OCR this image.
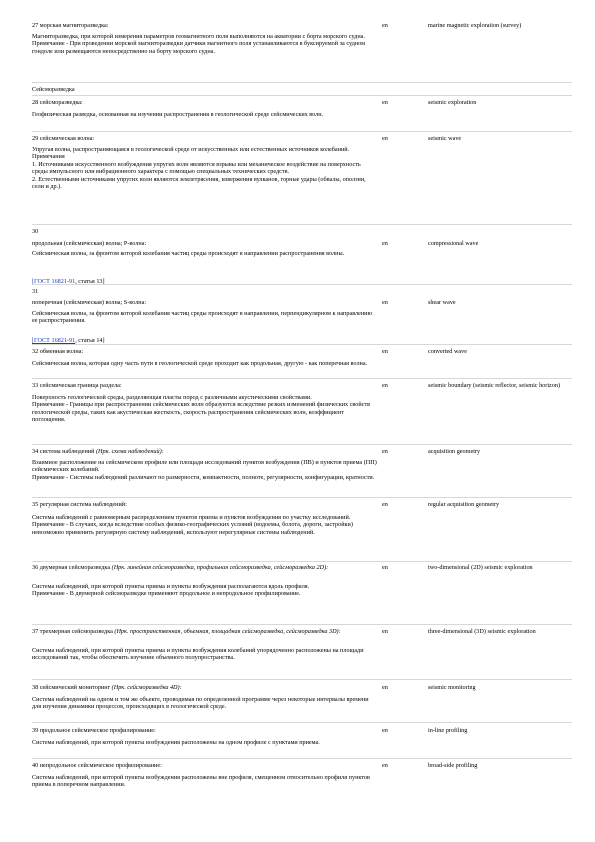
27 морская магниторазведка:	en	marine magnetic exploration (survey)
Магниторазведка, при которой измерения параметров геомагнитного поля выполняются на акватории с борта морского судна.
Примечание - При проведении морской магниторазведки датчики магнитного поля устанавливаются в буксируемой за судном гондоле или размещаются непосредственно на борту морского судна.
Сейсморазведка
28 сейсморазведка:	en	seismic exploration
Геофизическая разведка, основанная на изучении распространения в геологической среде сейсмических волн.
29 сейсмическая волна:	en	seismic wave
Упругая волна, распространяющаяся в геологической среде от искусственных или естественных источников колебаний.
Примечания
1. Источниками искусственного возбуждения упругих волн являются взрывы или механическое воздействие на поверхность среды импульсного или вибрационного характера с помощью специальных технических средств.
2. Естественными источниками упругих волн являются землетрясения, извержения вулканов, горные удары (обвалы, оползни, сели и др.).
30
продольная (сейсмическая) волна; P-волна:	en	compressional wave
Сейсмическая волна, за фронтом которой колебания частиц среды происходят в направлении распространения волны.
[ГОСТ 16821-91, статья 13]
31
поперечная (сейсмическая) волна; S-волна:	en	shear wave
Сейсмическая волна, за фронтом которой колебания частиц среды происходят в направлении, перпендикулярном к направлению ее распространения.
[ГОСТ 16821-91, статья 14]
32 обменная волна:	en	converted wave
Сейсмическая волна, которая одну часть пути в геологической среде проходит как продольная, другую - как поперечная волна.
33 сейсмическая граница раздела:	en	seismic boundary (seismic reflector, seismic horizon)
Поверхность геологической среды, разделяющая пласты пород с различными акустическими свойствами.
Примечание - Границы при распространении сейсмических волн образуются вследствие резких изменений физических свойств геологической среды, таких как акустическая жесткость, скорость распространения сейсмических волн, коэффициент поглощения.
34 система наблюдений (Нрк. схема наблюдений):	en	acquisition geometry
Взаимное расположение на сейсмическом профиле или площади исследований пунктов возбуждения (ПВ) и пунктов приема (ПП) сейсмических колебаний.
Примечание - Системы наблюдений различают по размерности, компактности, полноте, регулярности, конфигурации, кратности.
35 регулярная система наблюдений:	en	regular acquisition geometry
Система наблюдений с равномерным распределением пунктов приема и пунктов возбуждения по участку исследований.
Примечание - В случаях, когда вследствие особых физико-географических условий (водоемы, болота, дороги, застройки) невозможно применить регулярную систему наблюдений, используют нерегулярные системы наблюдений.
36 двумерная сейсморазведка (Нрк. линейная сейсморазведка, профильная сейсморазведка, сейсморазведка 2D):	en	two-dimensional (2D) seismic exploration
Система наблюдений, при которой пункты приема и пункты возбуждения располагаются вдоль профиля.
Примечание - В двумерной сейсморазведке применяют продольное и непродольное профилирование.
37 трехмерная сейсморазведка (Нрк. пространственная, объемная, площадная сейсморазведка, сейсморазведка 3D):	en	three-dimensional (3D) seismic exploration
Система наблюдений, при которой пункты приема и пункты возбуждения колебаний упорядоченно расположены на площади исследований так, чтобы обеспечить изучение объемного полупространства.
38 сейсмический мониторинг (Нрк. сейсморазведка 4D):	en	seismic monitoring
Система наблюдений на одном и том же объекте, проводимая по определенной программе через некоторые интервалы времени для изучения динамики процессов, происходящих в геологической среде.
39 продольное сейсмическое профилирование:	en	in-line profiling
Система наблюдений, при которой пункты возбуждения расположены на одном профиле с пунктами приема.
40 непродольное сейсмическое профилирование:	en	broad-side profiling
Система наблюдений, при которой пункты возбуждения расположены вне профиля, смещенном относительно профиля пунктов приема в поперечном направлении.
